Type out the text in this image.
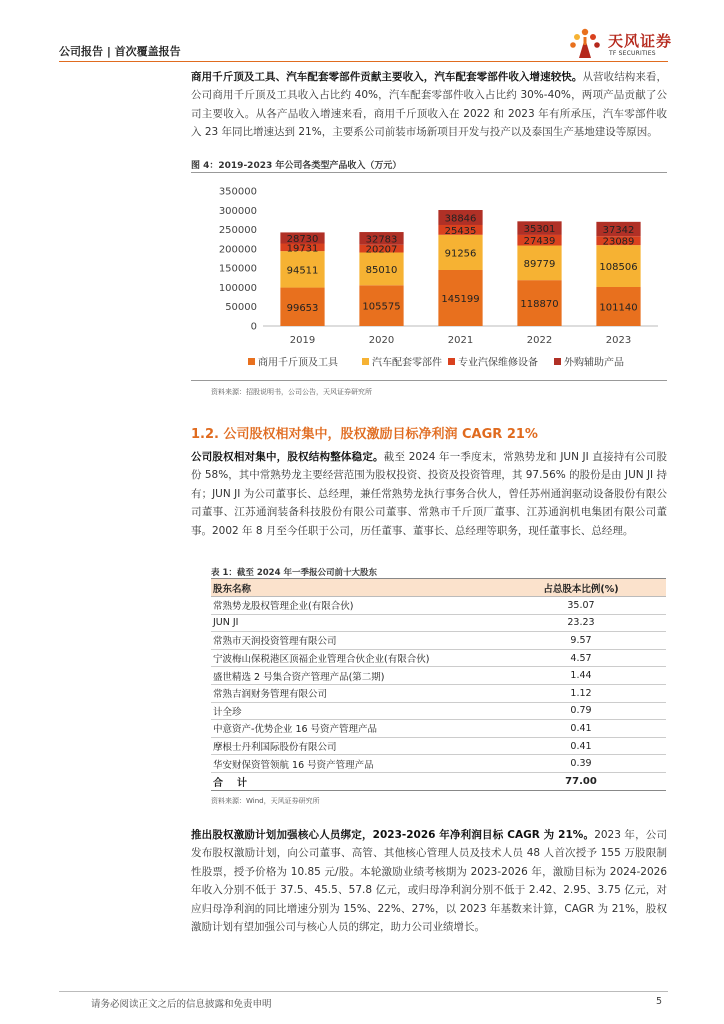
公司报告 | 首次覆盖报告
天风证券
TF SECURITIES
商用千斤顶及工具、汽车配套零部件贡献主要收入，汽车配套零部件收入增速较快。从营收结构来看，公司商用千斤顶及工具收入占比约 40%，汽车配套零部件收入占比约 30%-40%，两项产品贡献了公司主要收入。从各产品收入增速来看，商用千斤顶收入在 2022 和 2023 年有所承压，汽车零部件收入 23 年同比增速达到 21%，主要系公司前装市场新项目开发与投产以及泰国生产基地建设等原因。
图 4：2019-2023 年公司各类型产品收入（万元）
0
50000
100000
150000
200000
250000
300000
350000
99653
94511
19731
28730
2019
105575
85010
20207
32783
2020
145199
91256
25435
38846
2021
118870
89779
27439
35301
2022
101140
108506
23089
37342
2023
商用千斤顶及工具	汽车配套零部件 专业汽保维修设备	外购辅助产品
资料来源：招股说明书，公司公告，天风证券研究所
1.2. 公司股权相对集中，股权激励目标净利润 CAGR 21%
公司股权相对集中，股权结构整体稳定。截至 2024 年一季度末，常熟势龙和 JUN JI 直接持有公司股份 58%，其中常熟势龙主要经营范围为股权投资、投资及投资管理，其 97.56% 的股份是由 JUN JI 持有；JUN JI 为公司董事长、总经理，兼任常熟势龙执行事务合伙人，曾任苏州通润驱动设备股份有限公司董事、江苏通润装备科技股份有限公司董事、常熟市千斤顶厂董事、江苏通润机电集团有限公司董事。2002 年 8 月至今任职于公司，历任董事、董事长、总经理等职务，现任董事长、总经理。
表 1：截至 2024 年一季报公司前十大股东
股东名称	占总股本比例(%)
常熟势龙股权管理企业(有限合伙)	35.07
JUN JI	23.23
常熟市天润投资管理有限公司	9.57
宁波梅山保税港区顶福企业管理合伙企业(有限合伙)	4.57
盛世精选 2 号集合资产管理产品(第二期)	1.44
常熟吉润财务管理有限公司	1.12
计全珍	0.79
中意资产-优势企业 16 号资产管理产品	0.41
摩根士丹利国际股份有限公司	0.41
华安财保资管领航 16 号资产管理产品	0.39
合计	77.00
资料来源：Wind，天风证券研究所
推出股权激励计划加强核心人员绑定，2023-2026 年净利润目标 CAGR 为 21%。2023 年，公司发布股权激励计划，向公司董事、高管、其他核心管理人员及技术人员 48 人首次授予 155 万股限制性股票，授予价格为 10.85 元/股。本轮激励业绩考核期为 2023-2026 年，激励目标为 2024-2026 年收入分别不低于 37.5、45.5、57.8 亿元，或归母净利润分别不低于 2.42、2.95、3.75 亿元，对应归母净利润的同比增速分别为 15%、22%、27%，以 2023 年基数来计算，CAGR 为 21%，股权激励计划有望加强公司与核心人员的绑定，助力公司业绩增长。
请务必阅读正文之后的信息披露和免责申明	5
